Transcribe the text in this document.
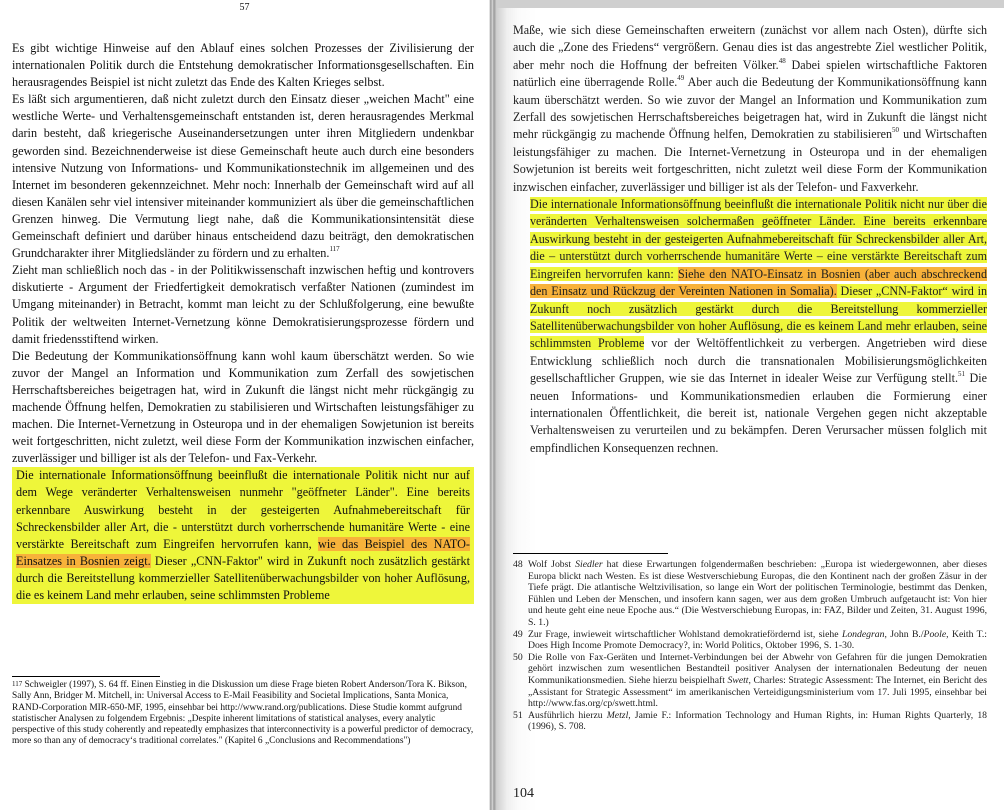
57

Es gibt wichtige Hinweise auf den Ablauf eines solchen Prozesses der Zivilisierung der internationalen Politik durch die Entstehung demokratischer Informationsgesellschaften. Ein herausragendes Beispiel ist nicht zuletzt das Ende des Kalten Krieges selbst.

Es läßt sich argumentieren, daß nicht zuletzt durch den Einsatz dieser „weichen Macht" eine westliche Werte- und Verhaltensgemeinschaft entstanden ist, deren herausragendes Merkmal darin besteht, daß kriegerische Auseinandersetzungen unter ihren Mitgliedern undenkbar geworden sind. Bezeichnenderweise ist diese Gemeinschaft heute auch durch eine besonders intensive Nutzung von Informations- und Kommunikationstechnik im allgemeinen und des Internet im besonderen gekennzeichnet. Mehr noch: Innerhalb der Gemeinschaft wird auf all diesen Kanälen sehr viel intensiver miteinander kommuniziert als über die gemeinschaftlichen Grenzen hinweg. Die Vermutung liegt nahe, daß die Kommunikationsintensität diese Gemeinschaft definiert und darüber hinaus entscheidend dazu beiträgt, den demokratischen Grundcharakter ihrer Mitgliedsländer zu fördern und zu erhalten.$^{117}$

Zieht man schließlich noch das - in der Politikwissenschaft inzwischen heftig und kontrovers diskutierte - Argument der Friedfertigkeit demokratisch verfaßter Nationen (zumindest im Umgang miteinander) in Betracht, kommt man leicht zu der Schlußfolgerung, eine bewußte Politik der weltweiten Internet-Vernetzung könne Demokratisierungsprozesse fördern und damit friedensstiftend wirken.

Die Bedeutung der Kommunikationsöffnung kann wohl kaum überschätzt werden. So wie zuvor der Mangel an Information und Kommunikation zum Zerfall des sowjetischen Herrschaftsbereiches beigetragen hat, wird in Zukunft die längst nicht mehr rückgängig zu machende Öffnung helfen, Demokratien zu stabilisieren und Wirtschaften leistungsfähiger zu machen. Die Internet-Vernetzung in Osteuropa und in der ehemaligen Sowjetunion ist bereits weit fortgeschritten, nicht zuletzt, weil diese Form der Kommunikation inzwischen einfacher, zuverlässiger und billiger ist als der Telefon- und Fax-Verkehr.

Die internationale Informationsöffnung beeinflußt die internationale Politik nicht nur auf dem Wege veränderter Verhaltensweisen nunmehr "geöffneter Länder". Eine bereits erkennbare Auswirkung besteht in der gesteigerten Aufnahmebereitschaft für Schreckensbilder aller Art, die - unterstützt durch vorherrschende humanitäre Werte - eine verstärkte Bereitschaft zum Eingreifen hervorrufen kann, wie das Beispiel des NATO-Einsatzes in Bosnien zeigt. Dieser „CNN-Faktor" wird in Zukunft noch zusätzlich gestärkt durch die Bereitstellung kommerzieller Satellitenüberwachungsbilder von hoher Auflösung, die es keinem Land mehr erlauben, seine schlimmsten Probleme

$^{117}$ Schweigler (1997), S. 64 ff. Einen Einstieg in die Diskussion um diese Frage bieten Robert Anderson/Tora K. Bikson, Sally Ann, Bridger M. Mitchell, in: Universal Access to E-Mail Feasibility and Societal Implications, Santa Monica, RAND-Corporation MIR-650-MF, 1995, einsehbar bei http://www.rand.org/publications. Diese Studie kommt aufgrund statistischer Analysen zu folgendem Ergebnis: „Despite inherent limitations of statistical analyses, every analytic perspective of this study coherently and repeatedly emphasizes that interconnectivity is a powerful predictor of democracy, more so than any of democracy‘s traditional correlates." (Kapitel 6 „Conclusions and Recommendations")

Maße, wie sich diese Gemeinschaften erweitern (zunächst vor allem nach Osten), dürfte sich auch die „Zone des Friedens“ vergrößern. Genau dies ist das angestrebte Ziel westlicher Politik, aber mehr noch die Hoffnung der befreiten Völker.$^{48}$ Dabei spielen wirtschaftliche Faktoren natürlich eine überragende Rolle.$^{49}$ Aber auch die Bedeutung der Kommunikationsöffnung kann kaum überschätzt werden. So wie zuvor der Mangel an Information und Kommunikation zum Zerfall des sowjetischen Herrschaftsbereiches beigetragen hat, wird in Zukunft die längst nicht mehr rückgängig zu machende Öffnung helfen, Demokratien zu stabilisieren$^{50}$ und Wirtschaften leistungsfähiger zu machen. Die Internet-Vernetzung in Osteuropa und in der ehemaligen Sowjetunion ist bereits weit fortgeschritten, nicht zuletzt weil diese Form der Kommunikation inzwischen einfacher, zuverlässiger und billiger ist als der Telefon- und Faxverkehr.

Die internationale Informationsöffnung beeinflußt die internationale Politik nicht nur über die veränderten Verhaltensweisen solchermaßen geöffneter Länder. Eine bereits erkennbare Auswirkung besteht in der gesteigerten Aufnahmebereitschaft für Schreckensbilder aller Art, die – unterstützt durch vorherrschende humanitäre Werte – eine verstärkte Bereitschaft zum Eingreifen hervorrufen kann: Siehe den NATO-Einsatz in Bosnien (aber auch abschreckend den Einsatz und Rückzug der Vereinten Nationen in Somalia). Dieser „CNN-Faktor“ wird in Zukunft noch zusätzlich gestärkt durch die Bereitstellung kommerzieller Satellitenüberwachungsbilder von hoher Auflösung, die es keinem Land mehr erlauben, seine schlimmsten Probleme vor der Weltöffentlichkeit zu verbergen. Angetrieben wird diese Entwicklung schließlich noch durch die transnationalen Mobilisierungsmöglichkeiten gesellschaftlicher Gruppen, wie sie das Internet in idealer Weise zur Verfügung stellt.$^{51}$ Die neuen Informations- und Kommunikationsmedien erlauben die Formierung einer internationalen Öffentlichkeit, die bereit ist, nationale Vergehen gegen nicht akzeptable Verhaltensweisen zu verurteilen und zu bekämpfen. Deren Verursacher müssen folglich mit empfindlichen Konsequenzen rechnen.

48 Wolf Jobst Siedler hat diese Erwartungen folgendermaßen beschrieben: „Europa ist wiedergewonnen, aber dieses Europa blickt nach Westen. Es ist diese Westverschiebung Europas, die den Kontinent nach der großen Zäsur in der Tiefe prägt. Die atlantische Weltzivilisation, so lange ein Wort der politischen Terminologie, bestimmt das Denken, Fühlen und Leben der Menschen, und insofern kann sagen, wer aus dem großen Umbruch aufgetaucht ist: Von hier und heute geht eine neue Epoche aus.“ (Die Westverschiebung Europas, in: FAZ, Bilder und Zeiten, 31. August 1996, S. 1.)
49 Zur Frage, inwieweit wirtschaftlicher Wohlstand demokratiefördernd ist, siehe Londegran, John B./Poole, Keith T.: Does High Income Promote Democracy?, in: World Politics, Oktober 1996, S. 1-30.
50 Die Rolle von Fax-Geräten und Internet-Verbindungen bei der Abwehr von Gefahren für die jungen Demokratien gehört inzwischen zum wesentlichen Bestandteil positiver Analysen der internationalen Bedeutung der neuen Kommunikationsmedien. Siehe hierzu beispielhaft Swett, Charles: Strategic Assessment: The Internet, ein Bericht des „Assistant for Strategic Assessment“ im amerikanischen Verteidigungsministerium vom 17. Juli 1995, einsehbar bei http://www.fas.org/cp/swett.html.
51 Ausführlich hierzu Metzl, Jamie F.: Information Technology and Human Rights, in: Human Rights Quarterly, 18 (1996), S. 708.
104
